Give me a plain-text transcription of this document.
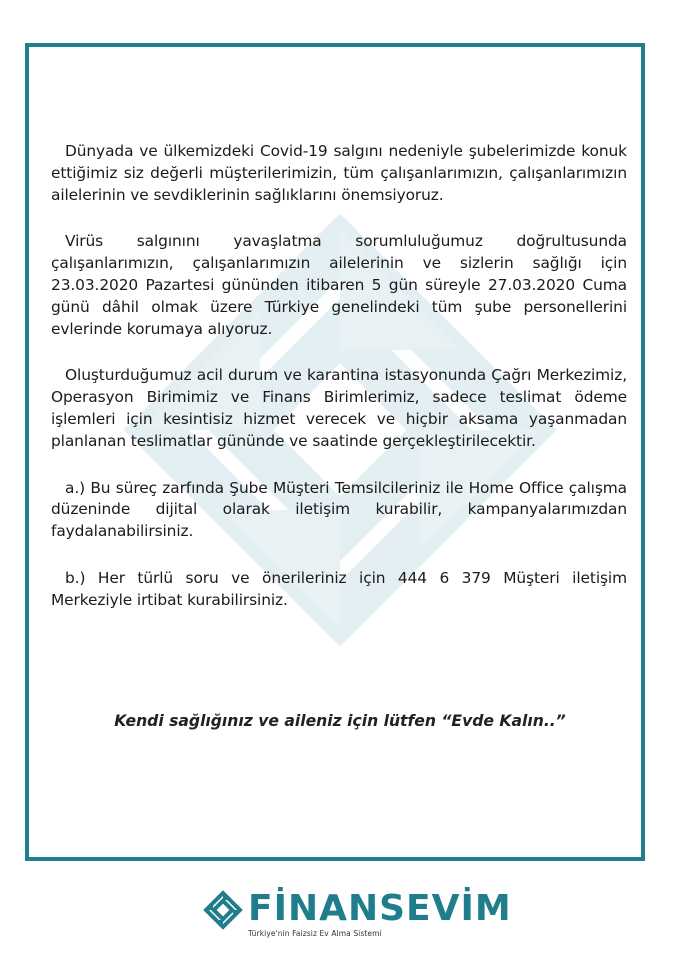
Dünyada ve ülkemizdeki Covid-19 salgını nedeniyle şubelerimizde konuk ettiğimiz siz değerli müşterilerimizin, tüm çalışanlarımızın, çalışanlarımızın ailelerinin ve sevdiklerinin sağlıklarını önemsiyoruz.

Virüs salgınını yavaşlatma sorumluluğumuz doğrultusunda çalışanlarımızın, çalışanlarımızın ailelerinin ve sizlerin sağlığı için 23.03.2020 Pazartesi gününden itibaren 5 gün süreyle 27.03.2020 Cuma günü dâhil olmak üzere Türkiye genelindeki tüm şube personellerini evlerinde korumaya alıyoruz.

Oluşturduğumuz acil durum ve karantina istasyonunda Çağrı Merkezimiz, Operasyon Birimimiz ve Finans Birimlerimiz, sadece teslimat ödeme işlemleri için kesintisiz hizmet verecek ve hiçbir aksama yaşanmadan planlanan teslimatlar gününde ve saatinde gerçekleştirilecektir.

a.) Bu süreç zarfında Şube Müşteri Temsilcileriniz ile Home Office çalışma düzeninde dijital olarak iletişim kurabilir, kampanyalarımızdan faydalanabilirsiniz.

b.) Her türlü soru ve önerileriniz için 444 6 379 Müşteri iletişim Merkeziyle irtibat kurabilirsiniz.

Kendi sağlığınız ve aileniz için lütfen “Evde Kalın..”

FİNANSEVİM
Türkiye'nin Faizsiz Ev Alma Sistemi
